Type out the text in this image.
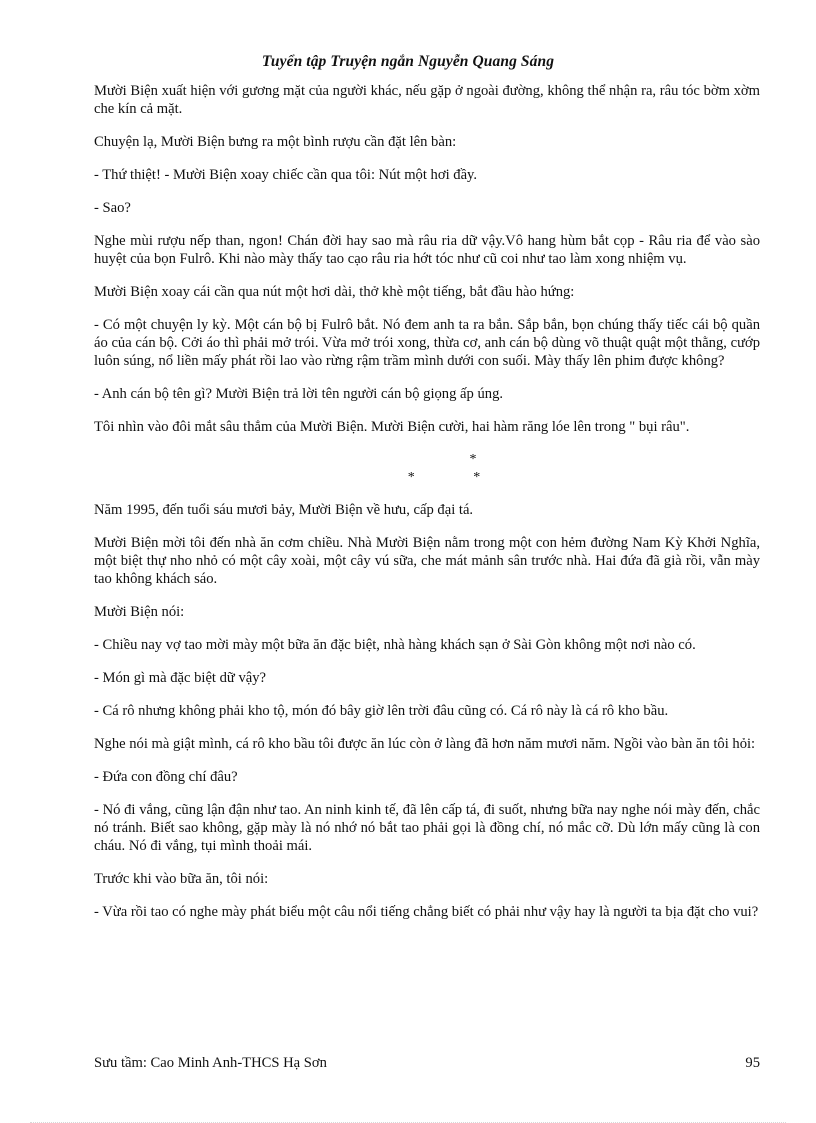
Tuyển tập Truyện ngắn Nguyễn Quang Sáng

Mười Biện xuất hiện với gương mặt của người khác, nếu gặp ở ngoài đường, không thể nhận ra, râu tóc bờm xờm che kín cả mặt.

Chuyện lạ, Mười Biện bưng ra một bình rượu cần đặt lên bàn:

- Thứ thiệt! - Mười Biện xoay chiếc cần qua tôi: Nút một hơi đầy.

- Sao?

Nghe mùi rượu nếp than, ngon! Chán đời hay sao mà râu ria dữ vậy.Vô hang hùm bắt cọp - Râu ria để vào sào huyệt của bọn Fulrô. Khi nào mày thấy tao cạo râu ria hớt tóc như cũ coi như tao làm xong nhiệm vụ.

Mười Biện xoay cái cần qua nút một hơi dài, thở khè một tiếng, bắt đầu hào hứng:

- Có một chuyện ly kỳ. Một cán bộ bị Fulrô bắt. Nó đem anh ta ra bắn. Sắp bắn, bọn chúng thấy tiếc cái bộ quần áo của cán bộ. Cởi áo thì phải mở trói. Vừa mở trói xong, thừa cơ, anh cán bộ dùng võ thuật quật một thằng, cướp luôn súng, nổ liền mấy phát rồi lao vào rừng rậm trầm mình dưới con suối. Mày thấy lên phim được không?

- Anh cán bộ tên gì? Mười Biện trả lời tên người cán bộ giọng ấp úng.

Tôi nhìn vào đôi mắt sâu thẳm của Mười Biện. Mười Biện cười, hai hàm răng lóe lên trong " bụi râu".

*
* *

Năm 1995, đến tuổi sáu mươi bảy, Mười Biện về hưu, cấp đại tá.

Mười Biện mời tôi đến nhà ăn cơm chiều. Nhà Mười Biện nằm trong một con hẻm đường Nam Kỳ Khởi Nghĩa, một biệt thự nho nhỏ có một cây xoài, một cây vú sữa, che mát mảnh sân trước nhà. Hai đứa đã già rồi, vẫn mày tao không khách sáo.

Mười Biện nói:

- Chiều nay vợ tao mời mày một bữa ăn đặc biệt, nhà hàng khách sạn ở Sài Gòn không một nơi nào có.

- Món gì mà đặc biệt dữ vậy?

- Cá rô nhưng không phải kho tộ, món đó bây giờ lên trời đâu cũng có. Cá rô này là cá rô kho bầu.

Nghe nói mà giật mình, cá rô kho bầu tôi được ăn lúc còn ở làng đã hơn năm mươi năm. Ngồi vào bàn ăn tôi hỏi:

- Đứa con đồng chí đâu?

- Nó đi vắng, cũng lận đận như tao. An ninh kinh tế, đã lên cấp tá, đi suốt, nhưng bữa nay nghe nói mày đến, chắc nó tránh. Biết sao không, gặp mày là nó nhớ nó bắt tao phải gọi là đồng chí, nó mắc cỡ. Dù lớn mấy cũng là con cháu. Nó đi vắng, tụi mình thoải mái.

Trước khi vào bữa ăn, tôi nói:

- Vừa rồi tao có nghe mày phát biểu một câu nổi tiếng chẳng biết có phải như vậy hay là người ta bịa đặt cho vui?

Sưu tầm: Cao Minh Anh-THCS Hạ Sơn	95
